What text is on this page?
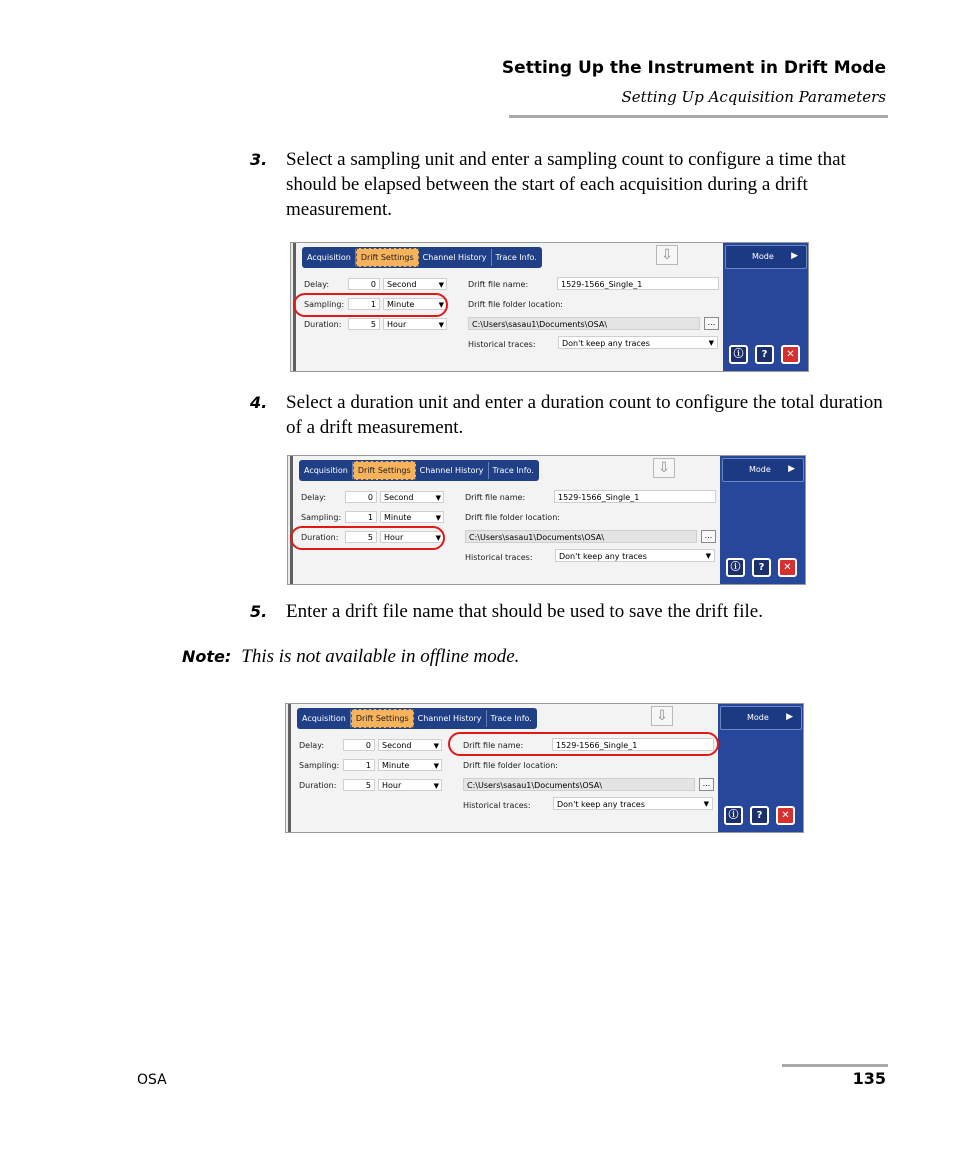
Setting Up the Instrument in Drift Mode
Setting Up Acquisition Parameters
3. Select a sampling unit and enter a sampling count to configure a time that should be elapsed between the start of each acquisition during a drift measurement.
Acquisition	Drift Settings	Channel History	Trace Info.	⇩
Delay:	0	Second	▼
Sampling:	1	Minute	▼
Duration:	5	Hour	▼
Drift file name:	1529-1566_Single_1
Drift file folder location:
C:\Users\sasau1\Documents\OSA\	...
Historical traces:	Don't keep any traces	▼
Mode ▶
ⓘ	?	✕
4. Select a duration unit and enter a duration count to configure the total duration of a drift measurement.
Acquisition	Drift Settings	Channel History	Trace Info.	⇩
Delay:	0	Second	▼
Sampling:	1	Minute	▼
Duration:	5	Hour	▼
Drift file name:	1529-1566_Single_1
Drift file folder location:
C:\Users\sasau1\Documents\OSA\	...
Historical traces:	Don't keep any traces	▼
Mode ▶
ⓘ	?	✕
5. Enter a drift file name that should be used to save the drift file.
Note: This is not available in offline mode.
Acquisition	Drift Settings	Channel History	Trace Info.	⇩
Delay:	0	Second	▼
Sampling:	1	Minute	▼
Duration:	5	Hour	▼
Drift file name:	1529-1566_Single_1
Drift file folder location:
C:\Users\sasau1\Documents\OSA\	...
Historical traces:	Don't keep any traces	▼
Mode ▶
ⓘ	?	✕
OSA	135
